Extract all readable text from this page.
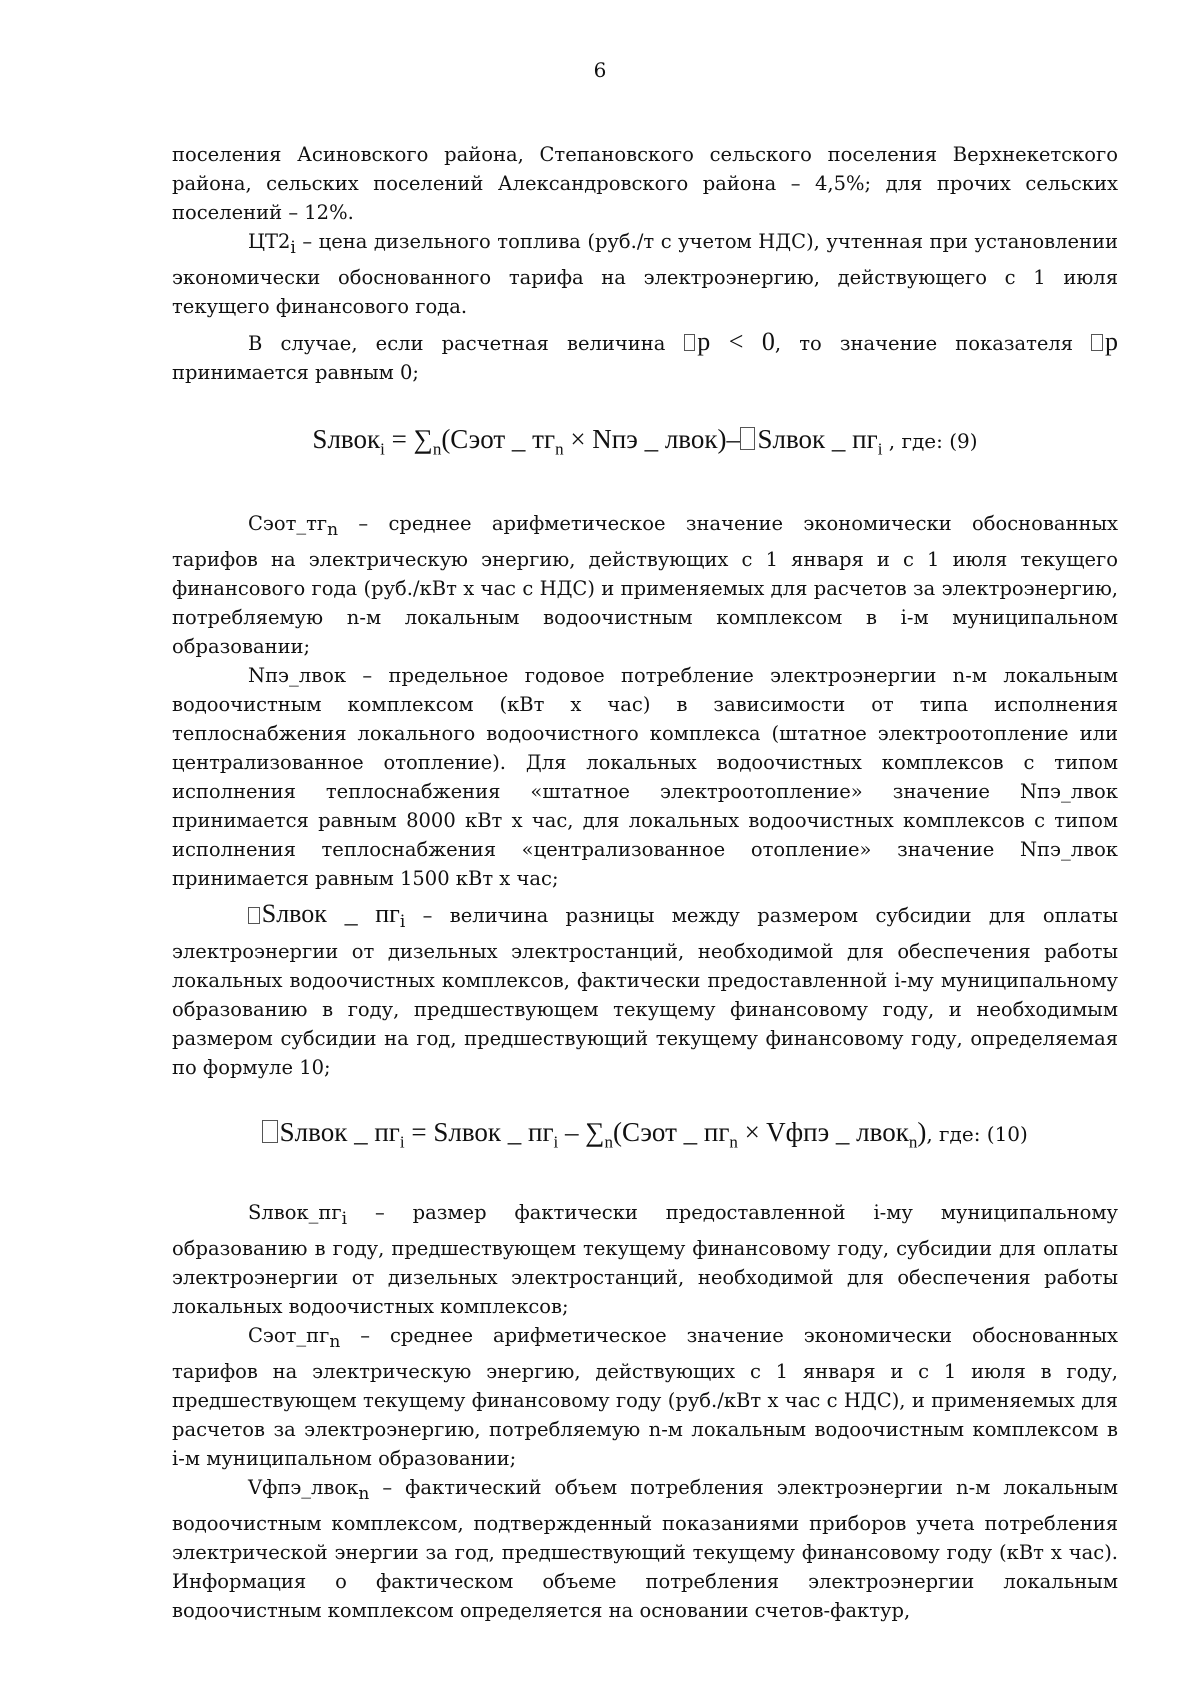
6

поселения Асиновского района, Степановского сельского поселения Верхнекетского района, сельских поселений Александровского района – 4,5%; для прочих сельских поселений – 12%.

$ЦТ2_i$ – цена дизельного топлива (руб./т с учетом НДС), учтенная при установлении экономически обоснованного тарифа на электроэнергию, действующего с 1 июля текущего финансового года.

В случае, если расчетная величина p < 0, то значение показателя p принимается равным 0;

Sлвок$_i$ = $\sum_n(Сэот$ _ $тг_n$ × Nпэ _ лвок)– Sлвок _ $пг_i$ , где: (9)

$Сэот\_тг_n$ – среднее арифметическое значение экономически обоснованных тарифов на электрическую энергию, действующих с 1 января и с 1 июля текущего финансового года (руб./кВт х час с НДС) и применяемых для расчетов за электроэнергию, потребляемую n-м локальным водоочистным комплексом в i-м муниципальном образовании;

Nпэ_лвок – предельное годовое потребление электроэнергии n-м локальным водоочистным комплексом (кВт х час) в зависимости от типа исполнения теплоснабжения локального водоочистного комплекса (штатное электроотопление или централизованное отопление). Для локальных водоочистных комплексов с типом исполнения теплоснабжения «штатное электроотопление» значение Nпэ_лвок принимается равным 8000 кВт х час, для локальных водоочистных комплексов с типом исполнения теплоснабжения «централизованное отопление» значение Nпэ_лвок принимается равным 1500 кВт х час;

Sлвок _ $пг_i$ – величина разницы между размером субсидии для оплаты электроэнергии от дизельных электростанций, необходимой для обеспечения работы локальных водоочистных комплексов, фактически предоставленной i-му муниципальному образованию в году, предшествующем текущему финансовому году, и необходимым размером субсидии на год, предшествующий текущему финансовому году, определяемая по формуле 10;

Sлвок _ $пг_i$ = Sлвок _ $пг_i$ – $\sum_n(Сэот$ _ $пг_n$ × Vфпэ _ лвок$_n$), где: (10)

$Sлвок\_пг_i$ – размер фактически предоставленной i-му муниципальному образованию в году, предшествующем текущему финансовому году, субсидии для оплаты электроэнергии от дизельных электростанций, необходимой для обеспечения работы локальных водоочистных комплексов;

$Сэот\_пг_n$ – среднее арифметическое значение экономически обоснованных тарифов на электрическую энергию, действующих с 1 января и с 1 июля в году, предшествующем текущему финансовому году (руб./кВт х час с НДС), и применяемых для расчетов за электроэнергию, потребляемую n-м локальным водоочистным комплексом в i-м муниципальном образовании;

Vфпэ_лвок$_n$ – фактический объем потребления электроэнергии n-м локальным водоочистным комплексом, подтвержденный показаниями приборов учета потребления электрической энергии за год, предшествующий текущему финансовому году (кВт х час). Информация о фактическом объеме потребления электроэнергии локальным водоочистным комплексом определяется на основании счетов-фактур,
